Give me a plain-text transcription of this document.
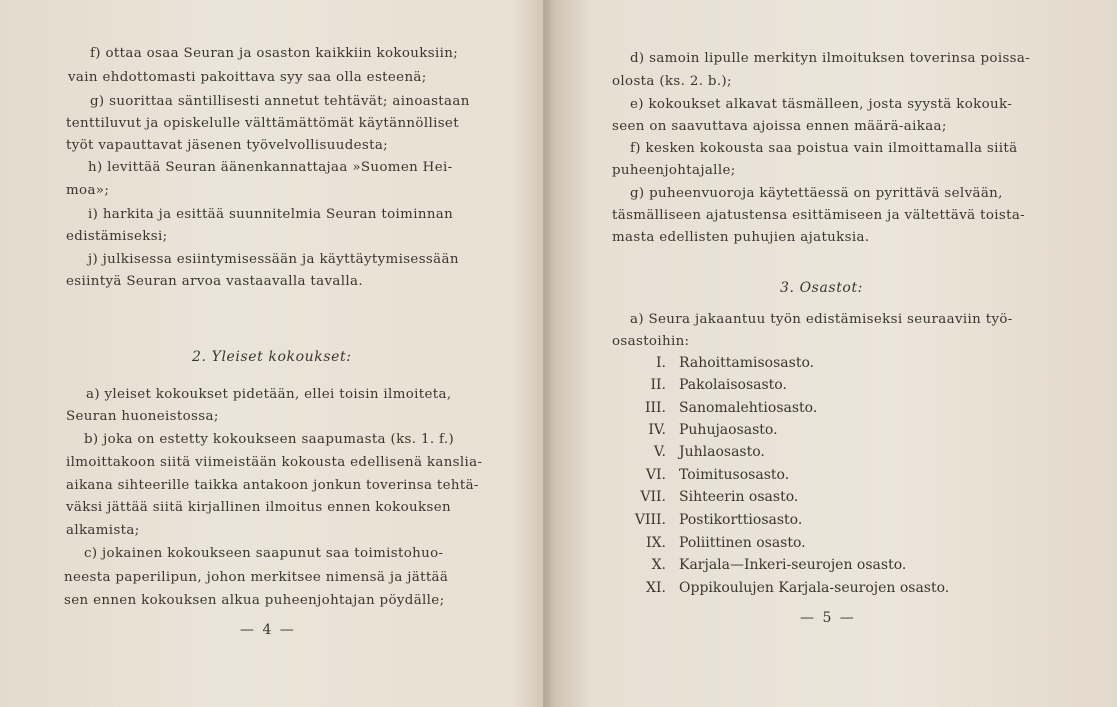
f) ottaa osaa Seuran ja osaston kaikkiin kokouksiin;
vain ehdottomasti pakoittava syy saa olla esteenä;
g) suorittaa säntillisesti annetut tehtävät; ainoastaan
tenttiluvut ja opiskelulle välttämättömät käytännölliset
työt vapauttavat jäsenen työvelvollisuudesta;
h) levittää Seuran äänenkannattajaa »Suomen Hei-
moa»;
i) harkita ja esittää suunnitelmia Seuran toiminnan
edistämiseksi;
j) julkisessa esiintymisessään ja käyttäytymisessään
esiintyä Seuran arvoa vastaavalla tavalla.
2. Yleiset kokoukset:
a) yleiset kokoukset pidetään, ellei toisin ilmoiteta,
Seuran huoneistossa;
b) joka on estetty kokoukseen saapumasta (ks. 1. f.)
ilmoittakoon siitä viimeistään kokousta edellisenä kanslia-
aikana sihteerille taikka antakoon jonkun toverinsa tehtä-
väksi jättää siitä kirjallinen ilmoitus ennen kokouksen
alkamista;
c) jokainen kokoukseen saapunut saa toimistohuo-
neesta paperilipun, johon merkitsee nimensä ja jättää
sen ennen kokouksen alkua puheenjohtajan pöydälle;
— 4 —
d) samoin lipulle merkityn ilmoituksen toverinsa poissa-
olosta (ks. 2. b.);
e) kokoukset alkavat täsmälleen, josta syystä kokouk-
seen on saavuttava ajoissa ennen määrä-aikaa;
f) kesken kokousta saa poistua vain ilmoittamalla siitä
puheenjohtajalle;
g) puheenvuoroja käytettäessä on pyrittävä selvään,
täsmälliseen ajatustensa esittämiseen ja vältettävä toista-
masta edellisten puhujien ajatuksia.
3. Osastot:
a) Seura jakaantuu työn edistämiseksi seuraaviin työ-
osastoihin:
I. Rahoittamisosasto.
II. Pakolaisosasto.
III. Sanomalehtiosasto.
IV. Puhujaosasto.
V. Juhlaosasto.
VI. Toimitusosasto.
VII. Sihteerin osasto.
VIII. Postikorttiosasto.
IX. Poliittinen osasto.
X. Karjala—Inkeri-seurojen osasto.
XI. Oppikoulujen Karjala-seurojen osasto.
— 5 —
